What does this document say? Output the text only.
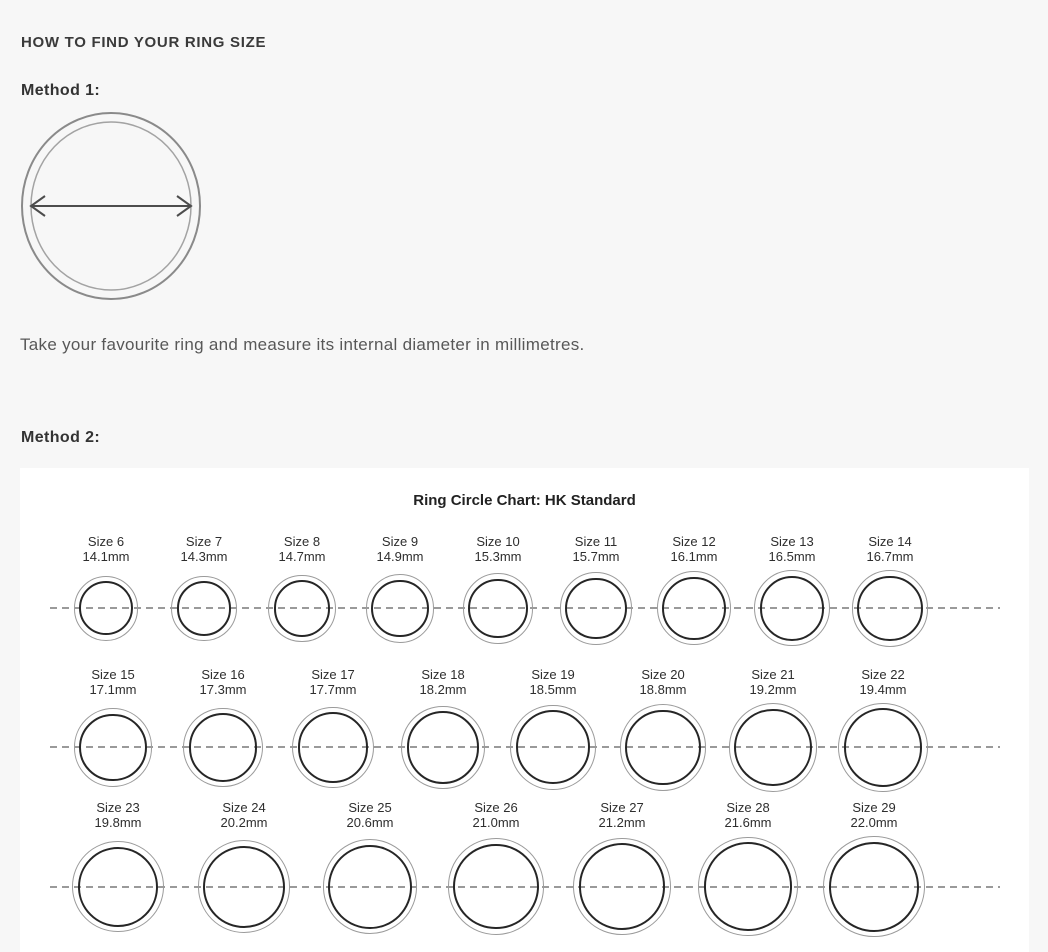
HOW TO FIND YOUR RING SIZE
Method 1:

Take your favourite ring and measure its internal diameter in millimetres.

Method 2:
Ring Circle Chart: HK Standard
Size 6
14.1mm
Size 7
14.3mm
Size 8
14.7mm
Size 9
14.9mm
Size 10
15.3mm
Size 11
15.7mm
Size 12
16.1mm
Size 13
16.5mm
Size 14
16.7mm
Size 15
17.1mm
Size 16
17.3mm
Size 17
17.7mm
Size 18
18.2mm
Size 19
18.5mm
Size 20
18.8mm
Size 21
19.2mm
Size 22
19.4mm
Size 23
19.8mm
Size 24
20.2mm
Size 25
20.6mm
Size 26
21.0mm
Size 27
21.2mm
Size 28
21.6mm
Size 29
22.0mm
